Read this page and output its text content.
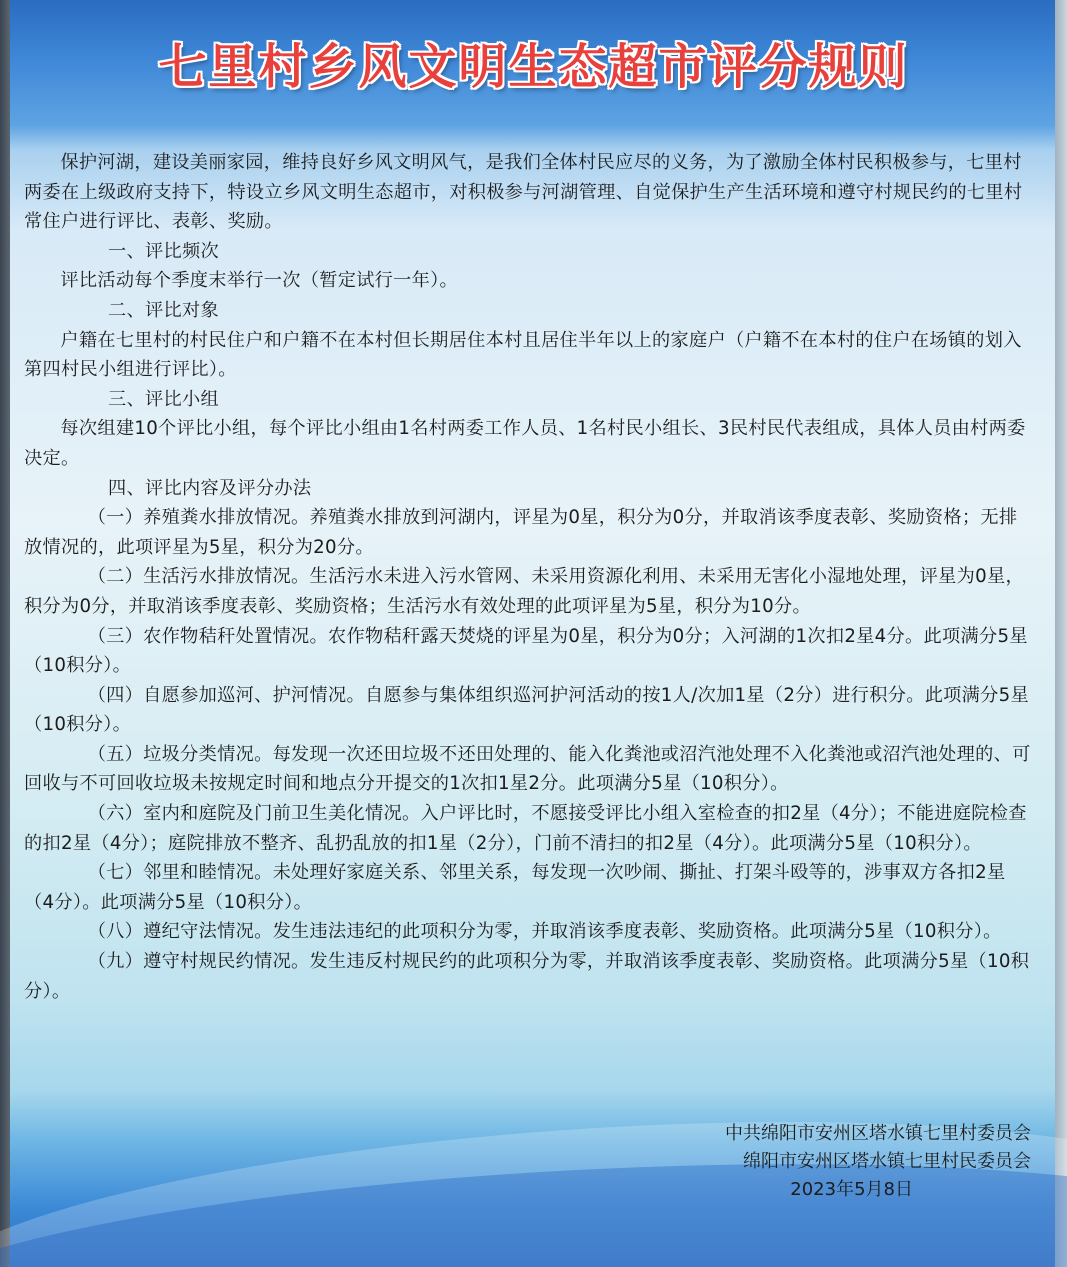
七里村乡风文明生态超市评分规则

保护河湖，建设美丽家园，维持良好乡风文明风气，是我们全体村民应尽的义务，为了激励全体村民积极参与，七里村两委在上级政府支持下，特设立乡风文明生态超市，对积极参与河湖管理、自觉保护生产生活环境和遵守村规民约的七里村常住户进行评比、表彰、奖励。

一、评比频次

评比活动每个季度末举行一次（暂定试行一年）。

二、评比对象

户籍在七里村的村民住户和户籍不在本村但长期居住本村且居住半年以上的家庭户（户籍不在本村的住户在场镇的划入第四村民小组进行评比）。

三、评比小组

每次组建10个评比小组，每个评比小组由1名村两委工作人员、1名村民小组长、3民村民代表组成，具体人员由村两委决定。

四、评比内容及评分办法

（一）养殖粪水排放情况。养殖粪水排放到河湖内，评星为0星，积分为0分，并取消该季度表彰、奖励资格；无排放情况的，此项评星为5星，积分为20分。

（二）生活污水排放情况。生活污水未进入污水管网、未采用资源化利用、未采用无害化小湿地处理，评星为0星，积分为0分，并取消该季度表彰、奖励资格；生活污水有效处理的此项评星为5星，积分为10分。

（三）农作物秸秆处置情况。农作物秸秆露天焚烧的评星为0星，积分为0分；入河湖的1次扣2星4分。此项满分5星（10积分）。

（四）自愿参加巡河、护河情况。自愿参与集体组织巡河护河活动的按1人/次加1星（2分）进行积分。此项满分5星（10积分）。

（五）垃圾分类情况。每发现一次还田垃圾不还田处理的、能入化粪池或沼汽池处理不入化粪池或沼汽池处理的、可回收与不可回收垃圾未按规定时间和地点分开提交的1次扣1星2分。此项满分5星（10积分）。

（六）室内和庭院及门前卫生美化情况。入户评比时，不愿接受评比小组入室检查的扣2星（4分）；不能进庭院检查的扣2星（4分）；庭院排放不整齐、乱扔乱放的扣1星（2分），门前不清扫的扣2星（4分）。此项满分5星（10积分）。

（七）邻里和睦情况。未处理好家庭关系、邻里关系，每发现一次吵闹、撕扯、打架斗殴等的，涉事双方各扣2星（4分）。此项满分5星（10积分）。

（八）遵纪守法情况。发生违法违纪的此项积分为零，并取消该季度表彰、奖励资格。此项满分5星（10积分）。

（九）遵守村规民约情况。发生违反村规民约的此项积分为零，并取消该季度表彰、奖励资格。此项满分5星（10积分）。

中共绵阳市安州区塔水镇七里村委员会
绵阳市安州区塔水镇七里村民委员会
2023年5月8日
